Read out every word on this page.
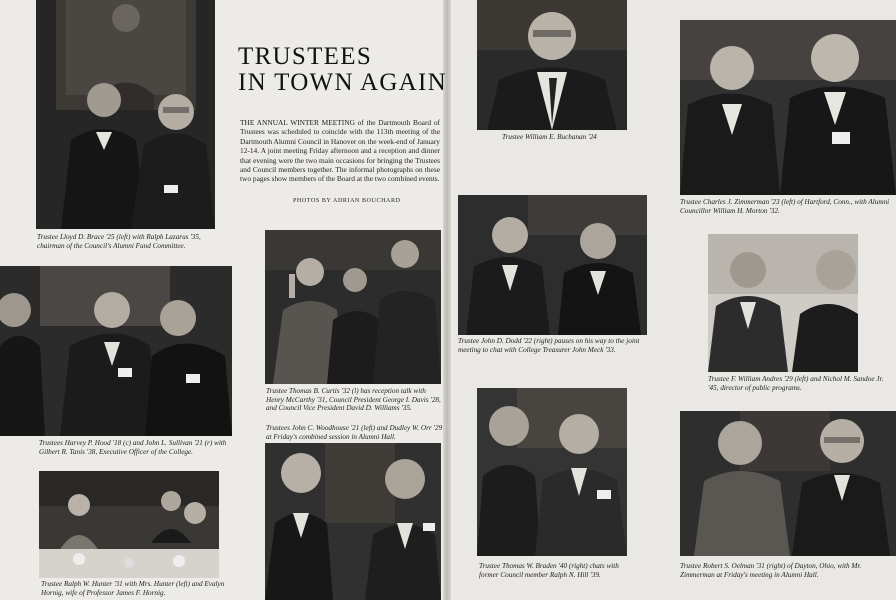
Trustee Lloyd D. Brace '25 (left) with Ralph Lazarus '35, chairman of the Council's Alumni Fund Committee.

TRUSTEES
IN TOWN AGAIN

THE ANNUAL WINTER MEETING of the Dartmouth Board of Trustees was scheduled to coincide with the 113th meeting of the Dartmouth Alumni Council in Hanover on the week-end of January 12-14. A joint meeting Friday afternoon and a reception and dinner that evening were the two main occasions for bringing the Trustees and Council members together. The informal photographs on these two pages show members of the Board at the two combined events.

PHOTOS BY ADRIAN BOUCHARD

Trustees Harvey P. Hood '18 (c) and John L. Sullivan '21 (r) with Gilbert R. Tanis '38, Executive Officer of the College.

Trustee Ralph W. Hunter '31 with Mrs. Hunter (left) and Evalyn Hornig, wife of Professor James F. Hornig.

Trustee Thomas B. Curtis '32 (l) has reception talk with Henry McCarthy '31, Council President George I. Davis '28, and Council Vice President David D. Williams '35.

Trustees John C. Woodhouse '21 (left) and Dudley W. Orr '29 at Friday's combined session in Alumni Hall.

Trustee William E. Buchanan '24

Trustee Charles J. Zimmerman '23 (left) of Hartford, Conn., with Alumni Councillor William H. Morton '32.

Trustee John D. Dodd '22 (right) pauses on his way to the joint meeting to chat with College Treasurer John Meck '33.

Trustee F. William Andres '29 (left) and Nichol M. Sandoe Jr. '45, director of public programs.

Trustee Thomas W. Braden '40 (right) chats with former Council member Ralph N. Hill '39.

Trustee Robert S. Oelman '31 (right) of Dayton, Ohio, with Mr. Zimmerman at Friday's meeting in Alumni Hall.
